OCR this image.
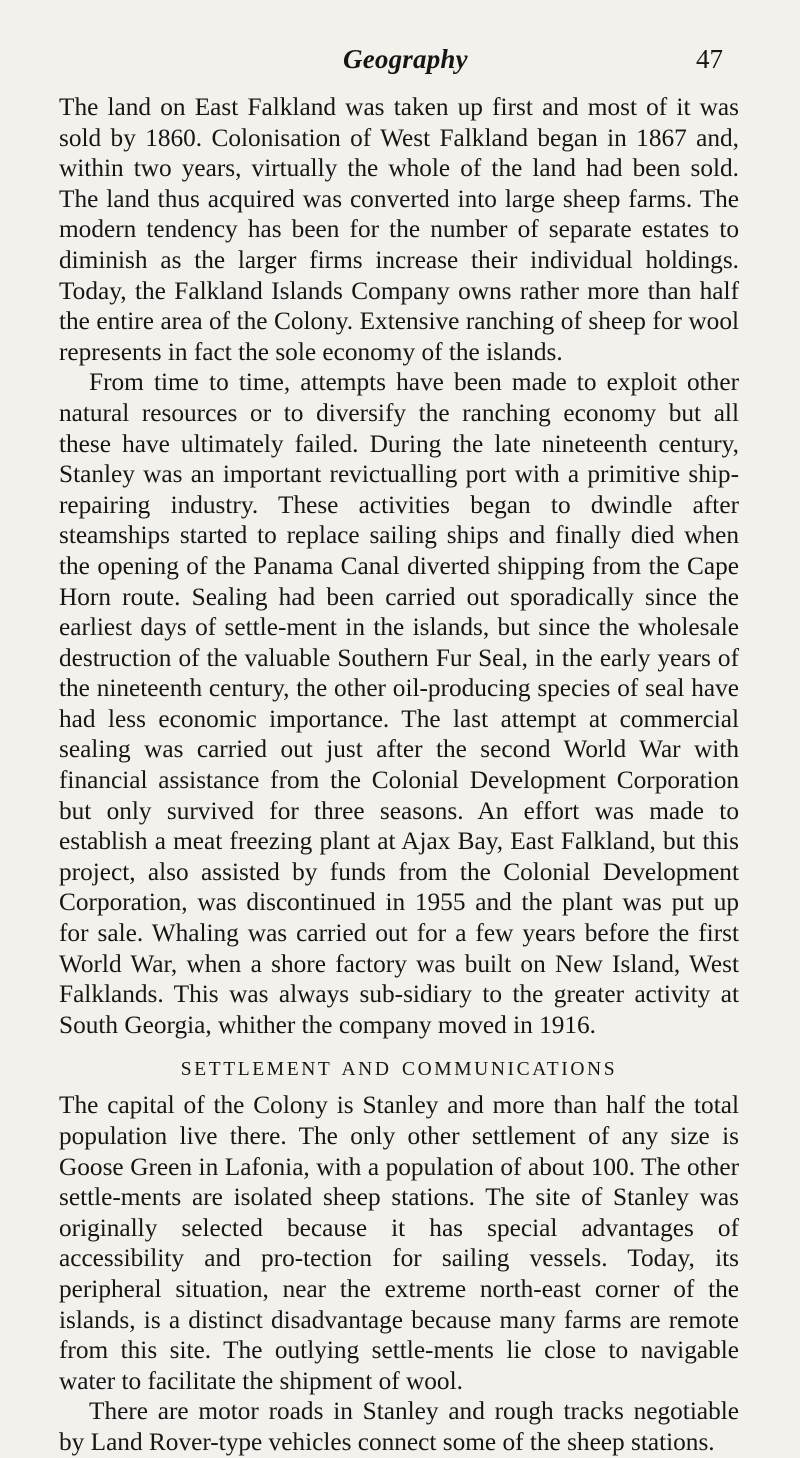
Geography	47

The land on East Falkland was taken up first and most of it was sold by 1860. Colonisation of West Falkland began in 1867 and, within two years, virtually the whole of the land had been sold. The land thus acquired was converted into large sheep farms. The modern tendency has been for the number of separate estates to diminish as the larger firms increase their individual holdings. Today, the Falkland Islands Company owns rather more than half the entire area of the Colony. Extensive ranching of sheep for wool represents in fact the sole economy of the islands.

From time to time, attempts have been made to exploit other natural resources or to diversify the ranching economy but all these have ultimately failed. During the late nineteenth century, Stanley was an important revictualling port with a primitive ship-repairing industry. These activities began to dwindle after steamships started to replace sailing ships and finally died when the opening of the Panama Canal diverted shipping from the Cape Horn route. Sealing had been carried out sporadically since the earliest days of settle-ment in the islands, but since the wholesale destruction of the valuable Southern Fur Seal, in the early years of the nineteenth century, the other oil-producing species of seal have had less economic importance. The last attempt at commercial sealing was carried out just after the second World War with financial assistance from the Colonial Development Corporation but only survived for three seasons. An effort was made to establish a meat freezing plant at Ajax Bay, East Falkland, but this project, also assisted by funds from the Colonial Development Corporation, was discontinued in 1955 and the plant was put up for sale. Whaling was carried out for a few years before the first World War, when a shore factory was built on New Island, West Falklands. This was always sub-sidiary to the greater activity at South Georgia, whither the company moved in 1916.

SETTLEMENT AND COMMUNICATIONS

The capital of the Colony is Stanley and more than half the total population live there. The only other settlement of any size is Goose Green in Lafonia, with a population of about 100. The other settle-ments are isolated sheep stations. The site of Stanley was originally selected because it has special advantages of accessibility and pro-tection for sailing vessels. Today, its peripheral situation, near the extreme north-east corner of the islands, is a distinct disadvantage because many farms are remote from this site. The outlying settle-ments lie close to navigable water to facilitate the shipment of wool.

There are motor roads in Stanley and rough tracks negotiable by Land Rover-type vehicles connect some of the sheep stations.
